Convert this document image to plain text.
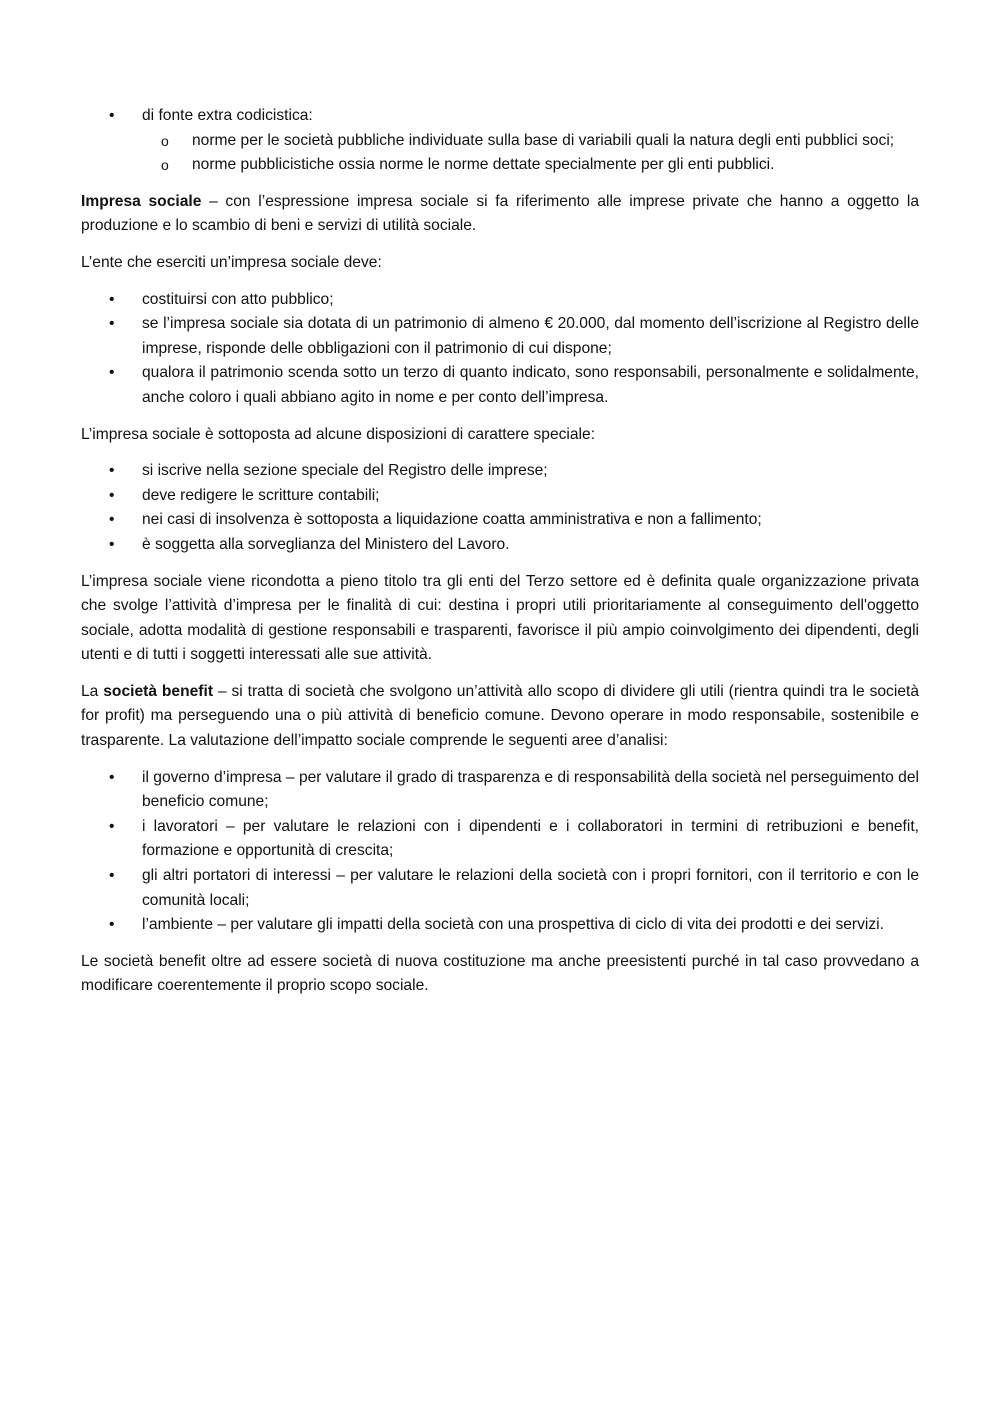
• di fonte extra codicistica:
o norme per le società pubbliche individuate sulla base di variabili quali la natura degli enti pubblici soci;
o norme pubblicistiche ossia norme le norme dettate specialmente per gli enti pubblici.

Impresa sociale – con l’espressione impresa sociale si fa riferimento alle imprese private che hanno a oggetto la produzione e lo scambio di beni e servizi di utilità sociale.

L’ente che eserciti un’impresa sociale deve:

• costituirsi con atto pubblico;
• se l’impresa sociale sia dotata di un patrimonio di almeno € 20.000, dal momento dell’iscrizione al Registro delle imprese, risponde delle obbligazioni con il patrimonio di cui dispone;
• qualora il patrimonio scenda sotto un terzo di quanto indicato, sono responsabili, personalmente e solidalmente, anche coloro i quali abbiano agito in nome e per conto dell’impresa.

L’impresa sociale è sottoposta ad alcune disposizioni di carattere speciale:

• si iscrive nella sezione speciale del Registro delle imprese;
• deve redigere le scritture contabili;
• nei casi di insolvenza è sottoposta a liquidazione coatta amministrativa e non a fallimento;
• è soggetta alla sorveglianza del Ministero del Lavoro.

L’impresa sociale viene ricondotta a pieno titolo tra gli enti del Terzo settore ed è definita quale organizzazione privata che svolge l’attività d’impresa per le finalità di cui: destina i propri utili prioritariamente al conseguimento dell'oggetto sociale, adotta modalità di gestione responsabili e trasparenti, favorisce il più ampio coinvolgimento dei dipendenti, degli utenti e di tutti i soggetti interessati alle sue attività.

La società benefit – si tratta di società che svolgono un’attività allo scopo di dividere gli utili (rientra quindi tra le società for profit) ma perseguendo una o più attività di beneficio comune. Devono operare in modo responsabile, sostenibile e trasparente. La valutazione dell’impatto sociale comprende le seguenti aree d’analisi:

• il governo d’impresa – per valutare il grado di trasparenza e di responsabilità della società nel perseguimento del beneficio comune;
• i lavoratori – per valutare le relazioni con i dipendenti e i collaboratori in termini di retribuzioni e benefit, formazione e opportunità di crescita;
• gli altri portatori di interessi – per valutare le relazioni della società con i propri fornitori, con il territorio e con le comunità locali;
• l’ambiente – per valutare gli impatti della società con una prospettiva di ciclo di vita dei prodotti e dei servizi.

Le società benefit oltre ad essere società di nuova costituzione ma anche preesistenti purché in tal caso provvedano a modificare coerentemente il proprio scopo sociale.
